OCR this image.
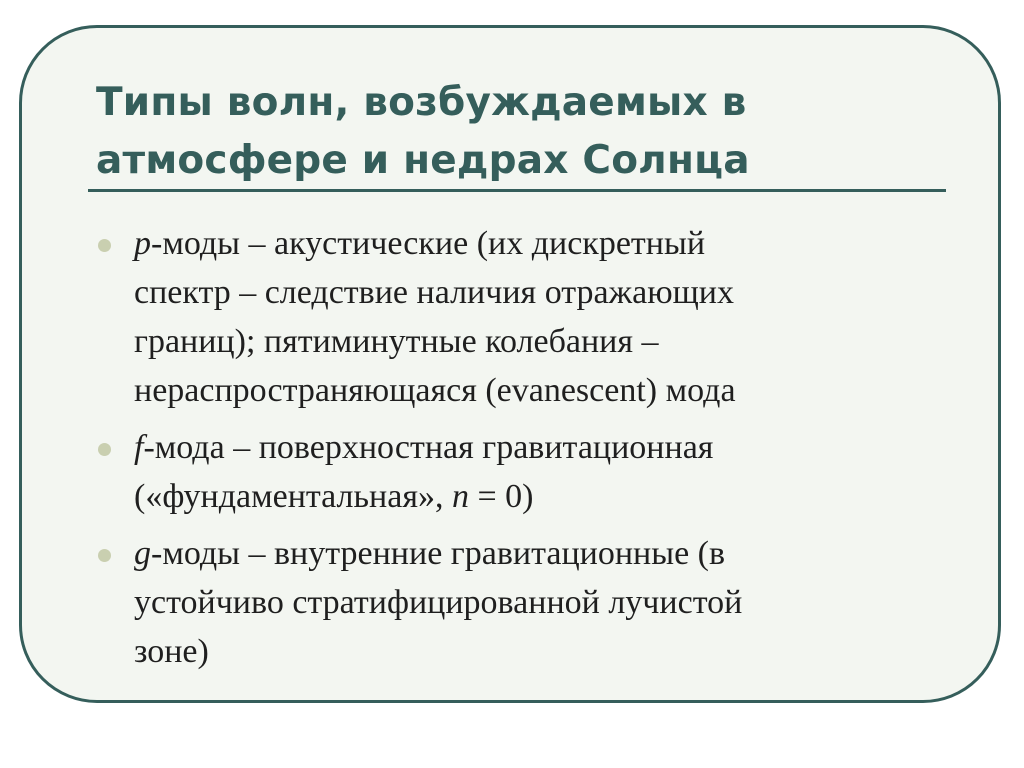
Типы волн, возбуждаемых в
атмосфере и недрах Солнца
p-моды – акустические (их дискретный
спектр – следствие наличия отражающих
границ); пятиминутные колебания –
нераспространяющаяся (evanescent) мода
f-мода – поверхностная гравитационная
(«фундаментальная», n = 0)
g-моды – внутренние гравитационные (в
устойчиво стратифицированной лучистой
зоне)
